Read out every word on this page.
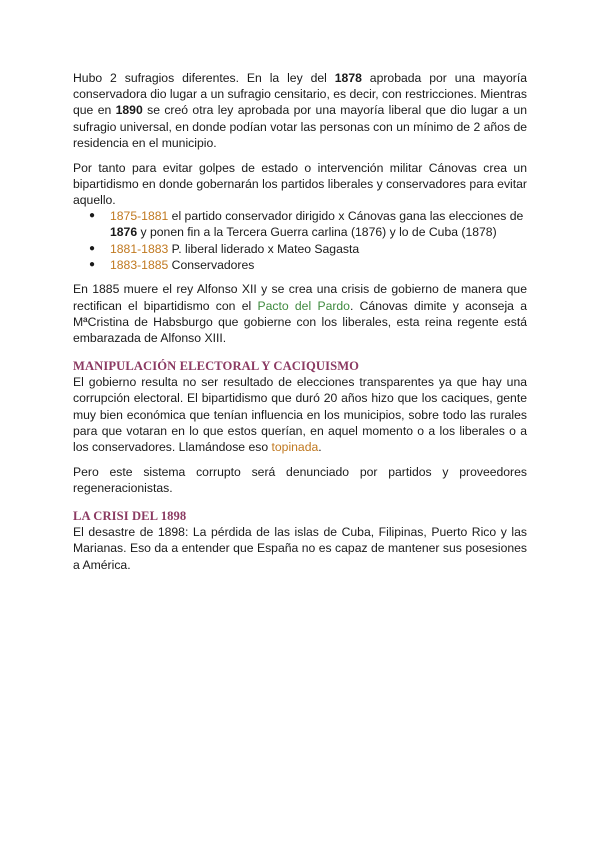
Hubo 2 sufragios diferentes. En la ley del 1878 aprobada por una mayoría conservadora dio lugar a un sufragio censitario, es decir, con restricciones. Mientras que en 1890 se creó otra ley aprobada por una mayoría liberal que dio lugar a un sufragio universal, en donde podían votar las personas con un mínimo de 2 años de residencia en el municipio.

Por tanto para evitar golpes de estado o intervención militar Cánovas crea un bipartidismo en donde gobernarán los partidos liberales y conservadores para evitar aquello.

● 1875-1881 el partido conservador dirigido x Cánovas gana las elecciones de 1876 y ponen fin a la Tercera Guerra carlina (1876) y lo de Cuba (1878)
● 1881-1883 P. liberal liderado x Mateo Sagasta
● 1883-1885 Conservadores

En 1885 muere el rey Alfonso XII y se crea una crisis de gobierno de manera que rectifican el bipartidismo con el Pacto del Pardo. Cánovas dimite y aconseja a MªCristina de Habsburgo que gobierne con los liberales, esta reina regente está embarazada de Alfonso XIII.

MANIPULACIÓN ELECTORAL Y CACIQUISMO

El gobierno resulta no ser resultado de elecciones transparentes ya que hay una corrupción electoral. El bipartidismo que duró 20 años hizo que los caciques, gente muy bien económica que tenían influencia en los municipios, sobre todo las rurales para que votaran en lo que estos querían, en aquel momento o a los liberales o a los conservadores. Llamándose eso topinada.

Pero este sistema corrupto será denunciado por partidos y proveedores regeneracionistas.

LA CRISI DEL 1898

El desastre de 1898: La pérdida de las islas de Cuba, Filipinas, Puerto Rico y las Marianas. Eso da a entender que España no es capaz de mantener sus posesiones a América.
